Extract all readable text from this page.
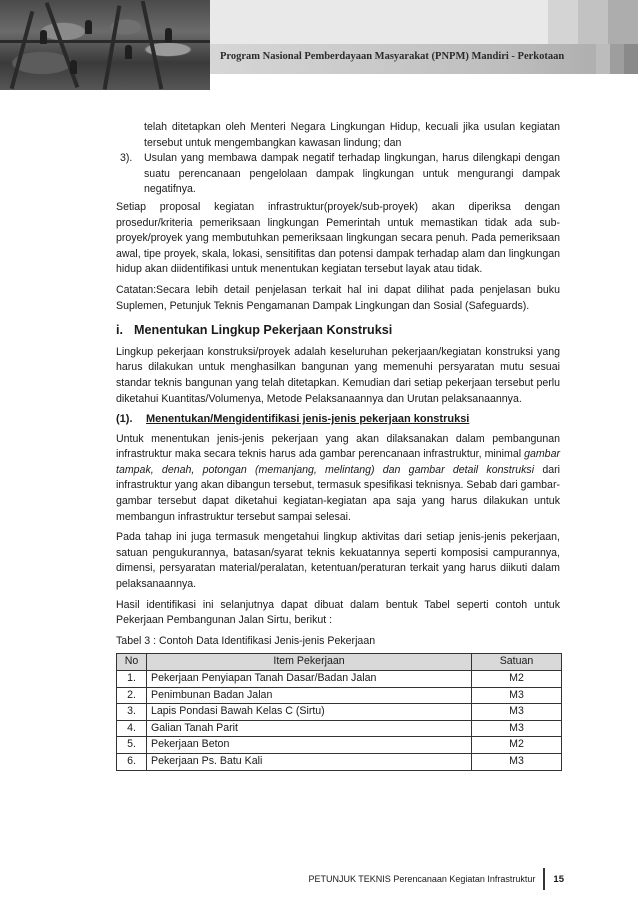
Program Nasional Pemberdayaan Masyarakat (PNPM) Mandiri - Perkotaan
telah ditetapkan oleh Menteri Negara Lingkungan Hidup, kecuali jika usulan kegiatan tersebut untuk mengembangkan kawasan lindung; dan
3).	Usulan yang membawa dampak negatif terhadap lingkungan, harus dilengkapi dengan suatu perencanaan pengelolaan dampak lingkungan untuk mengurangi dampak negatifnya.
Setiap proposal kegiatan infrastruktur(proyek/sub-proyek) akan diperiksa dengan prosedur/kriteria pemeriksaan lingkungan Pemerintah untuk memastikan tidak ada sub-proyek/proyek yang membutuhkan pemeriksaan lingkungan secara penuh. Pada pemeriksaan awal, tipe proyek, skala, lokasi, sensitifitas dan potensi dampak terhadap alam dan lingkungan hidup akan diidentifikasi untuk menentukan kegiatan tersebut layak atau tidak.
Catatan:Secara lebih detail penjelasan terkait hal ini dapat dilihat pada penjelasan buku Suplemen, Petunjuk Teknis Pengamanan Dampak Lingkungan dan Sosial (Safeguards).
i. Menentukan Lingkup Pekerjaan Konstruksi
Lingkup pekerjaan konstruksi/proyek adalah keseluruhan pekerjaan/kegiatan konstruksi yang harus dilakukan untuk menghasilkan bangunan yang memenuhi persyaratan mutu sesuai standar teknis bangunan yang telah ditetapkan. Kemudian dari setiap pekerjaan tersebut perlu diketahui Kuantitas/Volumenya, Metode Pelaksanaannya dan Urutan pelaksanaannya.
(1).	Menentukan/Mengidentifikasi jenis-jenis pekerjaan konstruksi
Untuk menentukan jenis-jenis pekerjaan yang akan dilaksanakan dalam pembangunan infrastruktur maka secara teknis harus ada gambar perencanaan infrastruktur, minimal gambar tampak, denah, potongan (memanjang, melintang) dan gambar detail konstruksi dari infrastruktur yang akan dibangun tersebut, termasuk spesifikasi teknisnya. Sebab dari gambar-gambar tersebut dapat diketahui kegiatan-kegiatan apa saja yang harus dilakukan untuk membangun infrastruktur tersebut sampai selesai.
Pada tahap ini juga termasuk mengetahui lingkup aktivitas dari setiap jenis-jenis pekerjaan, satuan pengukurannya, batasan/syarat teknis kekuatannya seperti komposisi campurannya, dimensi, persyaratan material/peralatan, ketentuan/peraturan terkait yang harus diikuti dalam pelaksanaannya.
Hasil identifikasi ini selanjutnya dapat dibuat dalam bentuk Tabel seperti contoh untuk Pekerjaan Pembangunan Jalan Sirtu, berikut :
Tabel 3 : Contoh Data Identifikasi Jenis-jenis Pekerjaan
No	Item Pekerjaan	Satuan
1.	Pekerjaan Penyiapan Tanah Dasar/Badan Jalan	M2
2.	Penimbunan Badan Jalan	M3
3.	Lapis Pondasi Bawah Kelas C (Sirtu)	M3
4.	Galian Tanah Parit	M3
5.	Pekerjaan Beton	M2
6.	Pekerjaan Ps. Batu Kali	M3
PETUNJUK TEKNIS Perencanaan Kegiatan Infrastruktur 15
